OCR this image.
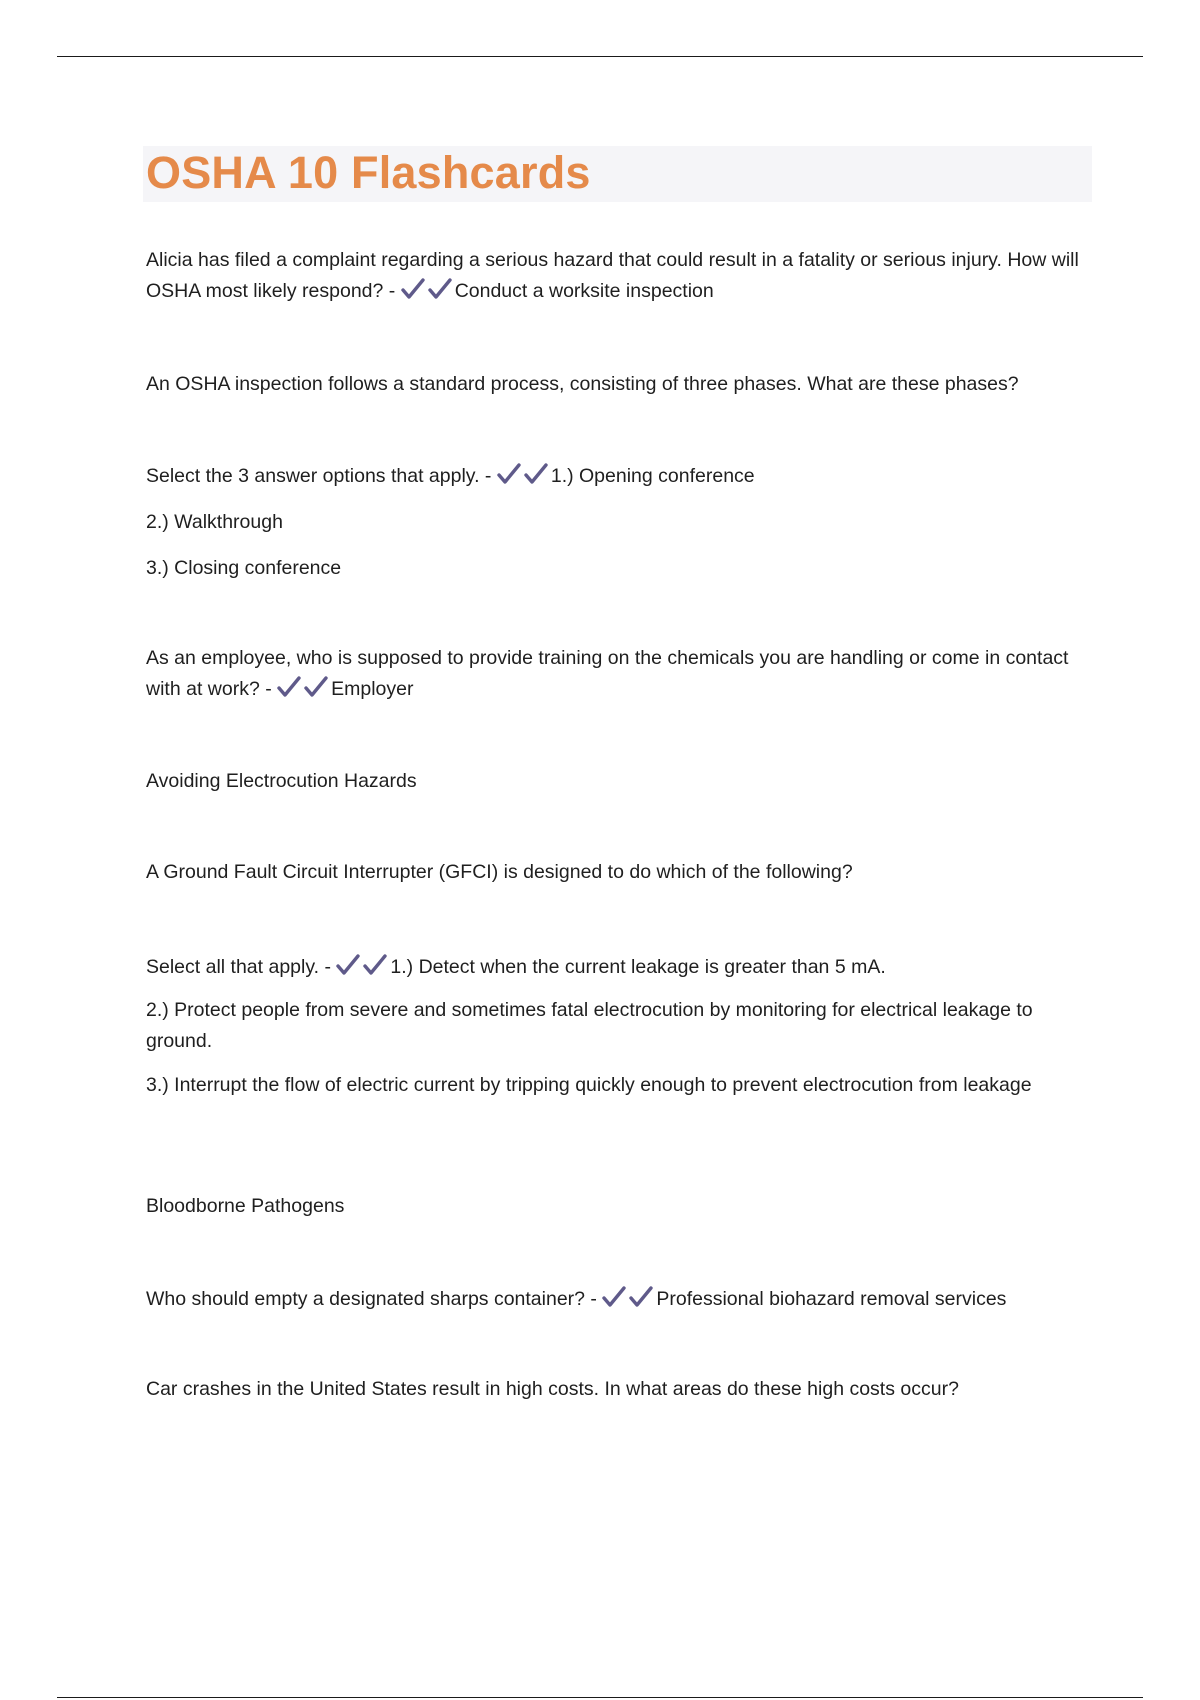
OSHA 10 Flashcards

Alicia has filed a complaint regarding a serious hazard that could result in a fatality or serious injury. How will OSHA most likely respond? -	Conduct a worksite inspection

An OSHA inspection follows a standard process, consisting of three phases. What are these phases?

Select the 3 answer options that apply. -	1.) Opening conference

2.) Walkthrough

3.) Closing conference

As an employee, who is supposed to provide training on the chemicals you are handling or come in contact with at work? -	Employer

Avoiding Electrocution Hazards

A Ground Fault Circuit Interrupter (GFCI) is designed to do which of the following?

Select all that apply. -	1.) Detect when the current leakage is greater than 5 mA.

2.) Protect people from severe and sometimes fatal electrocution by monitoring for electrical leakage to ground.

3.) Interrupt the flow of electric current by tripping quickly enough to prevent electrocution from leakage

Bloodborne Pathogens

Who should empty a designated sharps container? -	Professional biohazard removal services

Car crashes in the United States result in high costs. In what areas do these high costs occur?
